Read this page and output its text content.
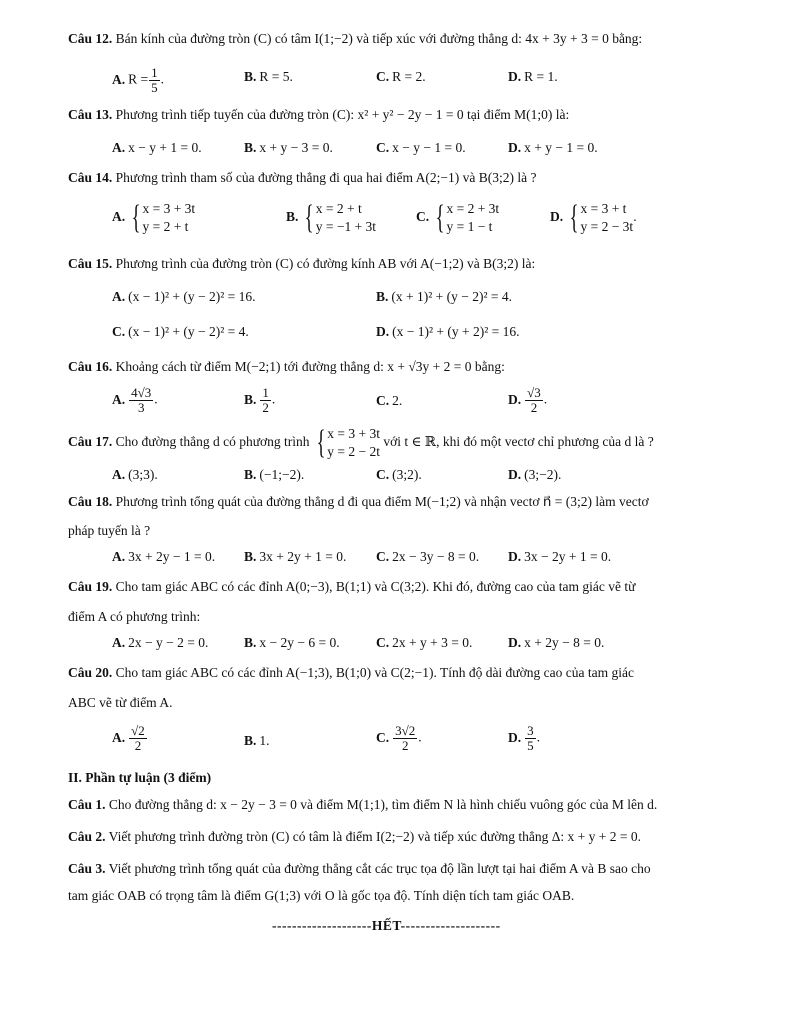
Câu 12. Bán kính của đường tròn (C) có tâm I(1;−2) và tiếp xúc với đường thẳng d: 4x + 3y + 3 = 0 bằng:
A. $R = \frac{1}{5}$ .	B. R = 5.	C. R = 2.	D. R = 1.
Câu 13. Phương trình tiếp tuyến của đường tròn (C): x² + y² − 2y − 1 = 0 tại điểm M(1;0) là:
A. x − y + 1 = 0.	B. x + y − 3 = 0.	C. x − y − 1 = 0.	D. x + y − 1 = 0.
Câu 14. Phương trình tham số của đường thẳng đi qua hai điểm A(2;−1) và B(3;2) là ?
A. { x = 3 + 3t
y = 2 + t
B. { x = 2 + t
y = −1 + 3t
C. { x = 2 + 3t
y = 1 − t
D. { x = 3 + t
y = 2 − 3t
.
Câu 15. Phương trình của đường tròn (C) có đường kính AB với A(−1;2) và B(3;2) là:
A. (x − 1)² + (y − 2)² = 16.	B. (x + 1)² + (y − 2)² = 4.
C. (x − 1)² + (y − 2)² = 4.	D. (x − 1)² + (y + 2)² = 16.
Câu 16. Khoảng cách từ điểm M(−2;1) tới đường thẳng d: x + √3y + 2 = 0 bằng:
A. $\frac{4√3}{3}$ .	B. $\frac{1}{2}$ .	C. 2.	D. $\frac{√3}{2}$ .
Câu 17. Cho đường thẳng d có phương trình { x = 3 + 3t
y = 2 − 2t
với t ∈ ℝ, khi đó một vectơ chỉ phương của d là ?
A. (3;3).	B. (−1;−2).	C. (3;2).	D. (3;−2).
Câu 18. Phương trình tổng quát của đường thẳng d đi qua điểm M(−1;2) và nhận vectơ n⃗ = (3;2) làm vectơ
pháp tuyến là ?
A. 3x + 2y − 1 = 0. B. 3x + 2y + 1 = 0. C. 2x − 3y − 8 = 0. D. 3x − 2y + 1 = 0.
Câu 19. Cho tam giác ABC có các đỉnh A(0;−3), B(1;1) và C(3;2). Khi đó, đường cao của tam giác vẽ từ
điểm A có phương trình:
A. 2x − y − 2 = 0.	B. x − 2y − 6 = 0.	C. 2x + y + 3 = 0.	D. x + 2y − 8 = 0.
Câu 20. Cho tam giác ABC có các đỉnh A(−1;3), B(1;0) và C(2;−1). Tính độ dài đường cao của tam giác
ABC vẽ từ điểm A.
A. $\frac{√2}{2}$	B. 1.	C. $\frac{3√2}{2}$ .	D. $\frac{3}{5}$ .
II. Phần tự luận (3 điểm)
Câu 1. Cho đường thẳng d: x − 2y − 3 = 0 và điểm M(1;1), tìm điểm N là hình chiếu vuông góc của M lên d.
Câu 2. Viết phương trình đường tròn (C) có tâm là điểm I(2;−2) và tiếp xúc đường thẳng Δ: x + y + 2 = 0.
Câu 3. Viết phương trình tổng quát của đường thẳng cắt các trục tọa độ lần lượt tại hai điểm A và B sao cho
tam giác OAB có trọng tâm là điểm G(1;3) với O là gốc tọa độ. Tính diện tích tam giác OAB.
--------------------HẾT--------------------
